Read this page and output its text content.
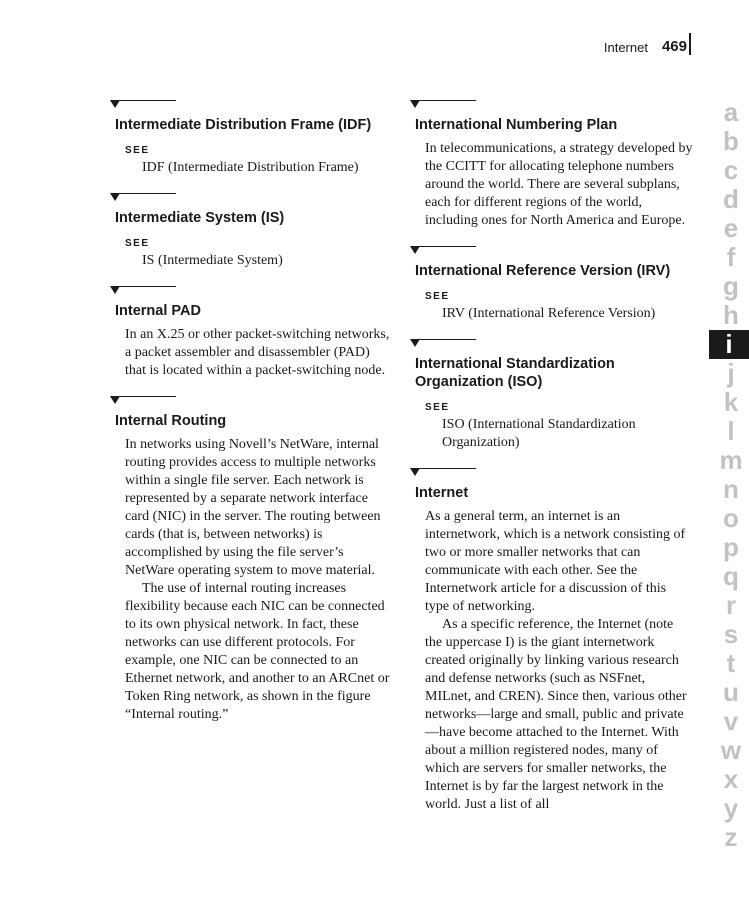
Internet 469
Intermediate Distribution Frame (IDF)
SEE
IDF (Intermediate Distribution Frame)
Intermediate System (IS)
SEE
IS (Intermediate System)
Internal PAD

In an X.25 or other packet-switching networks, a packet assembler and disassembler (PAD) that is located within a packet-switching node.

Internal Routing

In networks using Novell’s NetWare, internal routing provides access to multiple networks within a single file server. Each network is represented by a separate network interface card (NIC) in the server. The routing between cards (that is, between networks) is accomplished by using the file server’s NetWare operating system to move material.

The use of internal routing increases flexibility because each NIC can be connected to its own physical network. In fact, these networks can use different protocols. For example, one NIC can be connected to an Ethernet network, and another to an ARCnet or Token Ring network, as shown in the figure “Internal routing.”

International Numbering Plan

In telecommunications, a strategy developed by the CCITT for allocating telephone numbers around the world. There are several subplans, each for different regions of the world, including ones for North America and Europe.

International Reference Version (IRV)
SEE
IRV (International Reference Version)
International Standardization Organization (ISO)
SEE
ISO (International Standardization Organization)
Internet

As a general term, an internet is an internetwork, which is a network consisting of two or more smaller networks that can communicate with each other. See the Internetwork article for a discussion of this type of networking.

As a specific reference, the Internet (note the uppercase I) is the giant internetwork created originally by linking various research and defense networks (such as NSFnet, MILnet, and CREN). Since then, various other networks—large and small, public and private—have become attached to the Internet. With about a million registered nodes, many of which are servers for smaller networks, the Internet is by far the largest network in the world. Just a list of all

a
b
c
d
e
f
g
h
i
j
k
l
m
n
o
p
q
r
s
t
u
v
w
x
y
z
